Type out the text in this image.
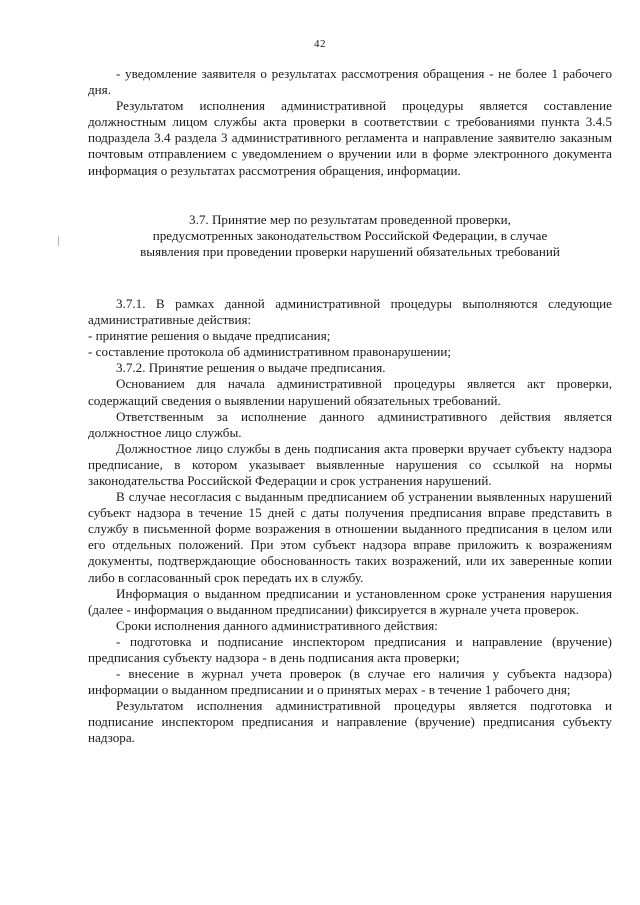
42

- уведомление заявителя о результатах рассмотрения обращения - не более 1 рабочего дня.

Результатом исполнения административной процедуры является составление должностным лицом службы акта проверки в соответствии с требованиями пункта 3.4.5 подраздела 3.4 раздела 3 административного регламента и направление заявителю заказным почтовым отправлением с уведомлением о вручении или в форме электронного документа информация о результатах рассмотрения обращения, информации.

3.7. Принятие мер по результатам проведенной проверки,
предусмотренных законодательством Российской Федерации, в случае
выявления при проведении проверки нарушений обязательных требований

3.7.1. В рамках данной административной процедуры выполняются следующие административные действия:

- принятие решения о выдаче предписания;

- составление протокола об административном правонарушении;

3.7.2. Принятие решения о выдаче предписания.

Основанием для начала административной процедуры является акт проверки, содержащий сведения о выявлении нарушений обязательных требований.

Ответственным за исполнение данного административного действия является должностное лицо службы.

Должностное лицо службы в день подписания акта проверки вручает субъекту надзора предписание, в котором указывает выявленные нарушения со ссылкой на нормы законодательства Российской Федерации и срок устранения нарушений.

В случае несогласия с выданным предписанием об устранении выявленных нарушений субъект надзора в течение 15 дней с даты получения предписания вправе представить в службу в письменной форме возражения в отношении выданного предписания в целом или его отдельных положений. При этом субъект надзора вправе приложить к возражениям документы, подтверждающие обоснованность таких возражений, или их заверенные копии либо в согласованный срок передать их в службу.

Информация о выданном предписании и установленном сроке устранения нарушения (далее - информация о выданном предписании) фиксируется в журнале учета проверок.

Сроки исполнения данного административного действия:

- подготовка и подписание инспектором предписания и направление (вручение) предписания субъекту надзора - в день подписания акта проверки;

- внесение в журнал учета проверок (в случае его наличия у субъекта надзора) информации о выданном предписании и о принятых мерах - в течение 1 рабочего дня;

Результатом исполнения административной процедуры является подготовка и подписание инспектором предписания и направление (вручение) предписания субъекту надзора.
